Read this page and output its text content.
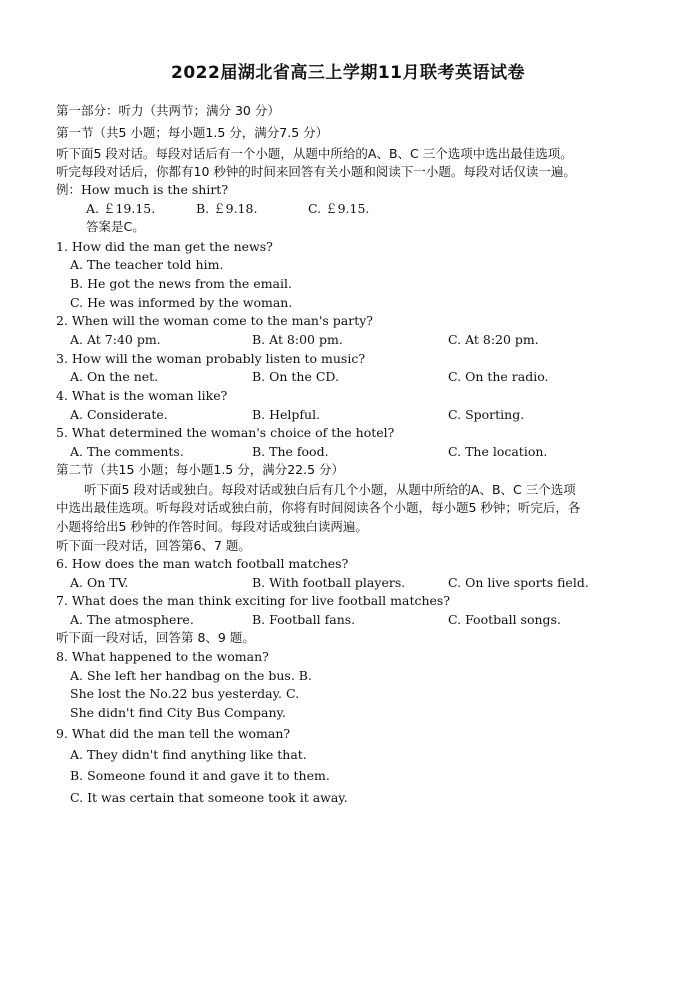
2022届湖北省高三上学期11月联考英语试卷
第一部分：听力（共两节；满分 30 分）
第一节（共5 小题；每小题1.5 分，满分7.5 分）
听下面5 段对话。每段对话后有一个小题，从题中所给的A、B、C 三个选项中选出最佳选项。
听完每段对话后，你都有10 秒钟的时间来回答有关小题和阅读下一小题。每段对话仅读一遍。
例：How much is the shirt?
A. ￡19.15.	B. ￡9.18.	C. ￡9.15.
答案是C。
1. How did the man get the news?
A. The teacher told him.
B. He got the news from the email.
C. He was informed by the woman.
2. When will the woman come to the man's party?
A. At 7:40 pm.	B. At 8:00 pm.	C. At 8:20 pm.
3. How will the woman probably listen to music?
A. On the net.	B. On the CD.	C. On the radio.
4. What is the woman like?
A. Considerate.	B. Helpful.	C. Sporting.
5. What determined the woman's choice of the hotel?
A. The comments.	B. The food.	C. The location.
第二节（共15 小题；每小题1.5 分，满分22.5 分）
听下面5 段对话或独白。每段对话或独白后有几个小题，从题中所给的A、B、C 三个选项
中选出最佳选项。听每段对话或独白前，你将有时间阅读各个小题，每小题5 秒钟；听完后，各
小题将给出5 秒钟的作答时间。每段对话或独白读两遍。
听下面一段对话，回答第6、7 题。
6. How does the man watch football matches?
A. On TV.	B. With football players.	C. On live sports field.
7. What does the man think exciting for live football matches?
A. The atmosphere.	B. Football fans.	C. Football songs.
听下面一段对话，回答第 8、9 题。
8. What happened to the woman?
A. She left her handbag on the bus. B.
She lost the No.22 bus yesterday. C.
She didn't find City Bus Company.
9. What did the man tell the woman?
A. They didn't find anything like that.
B. Someone found it and gave it to them.
C. It was certain that someone took it away.
